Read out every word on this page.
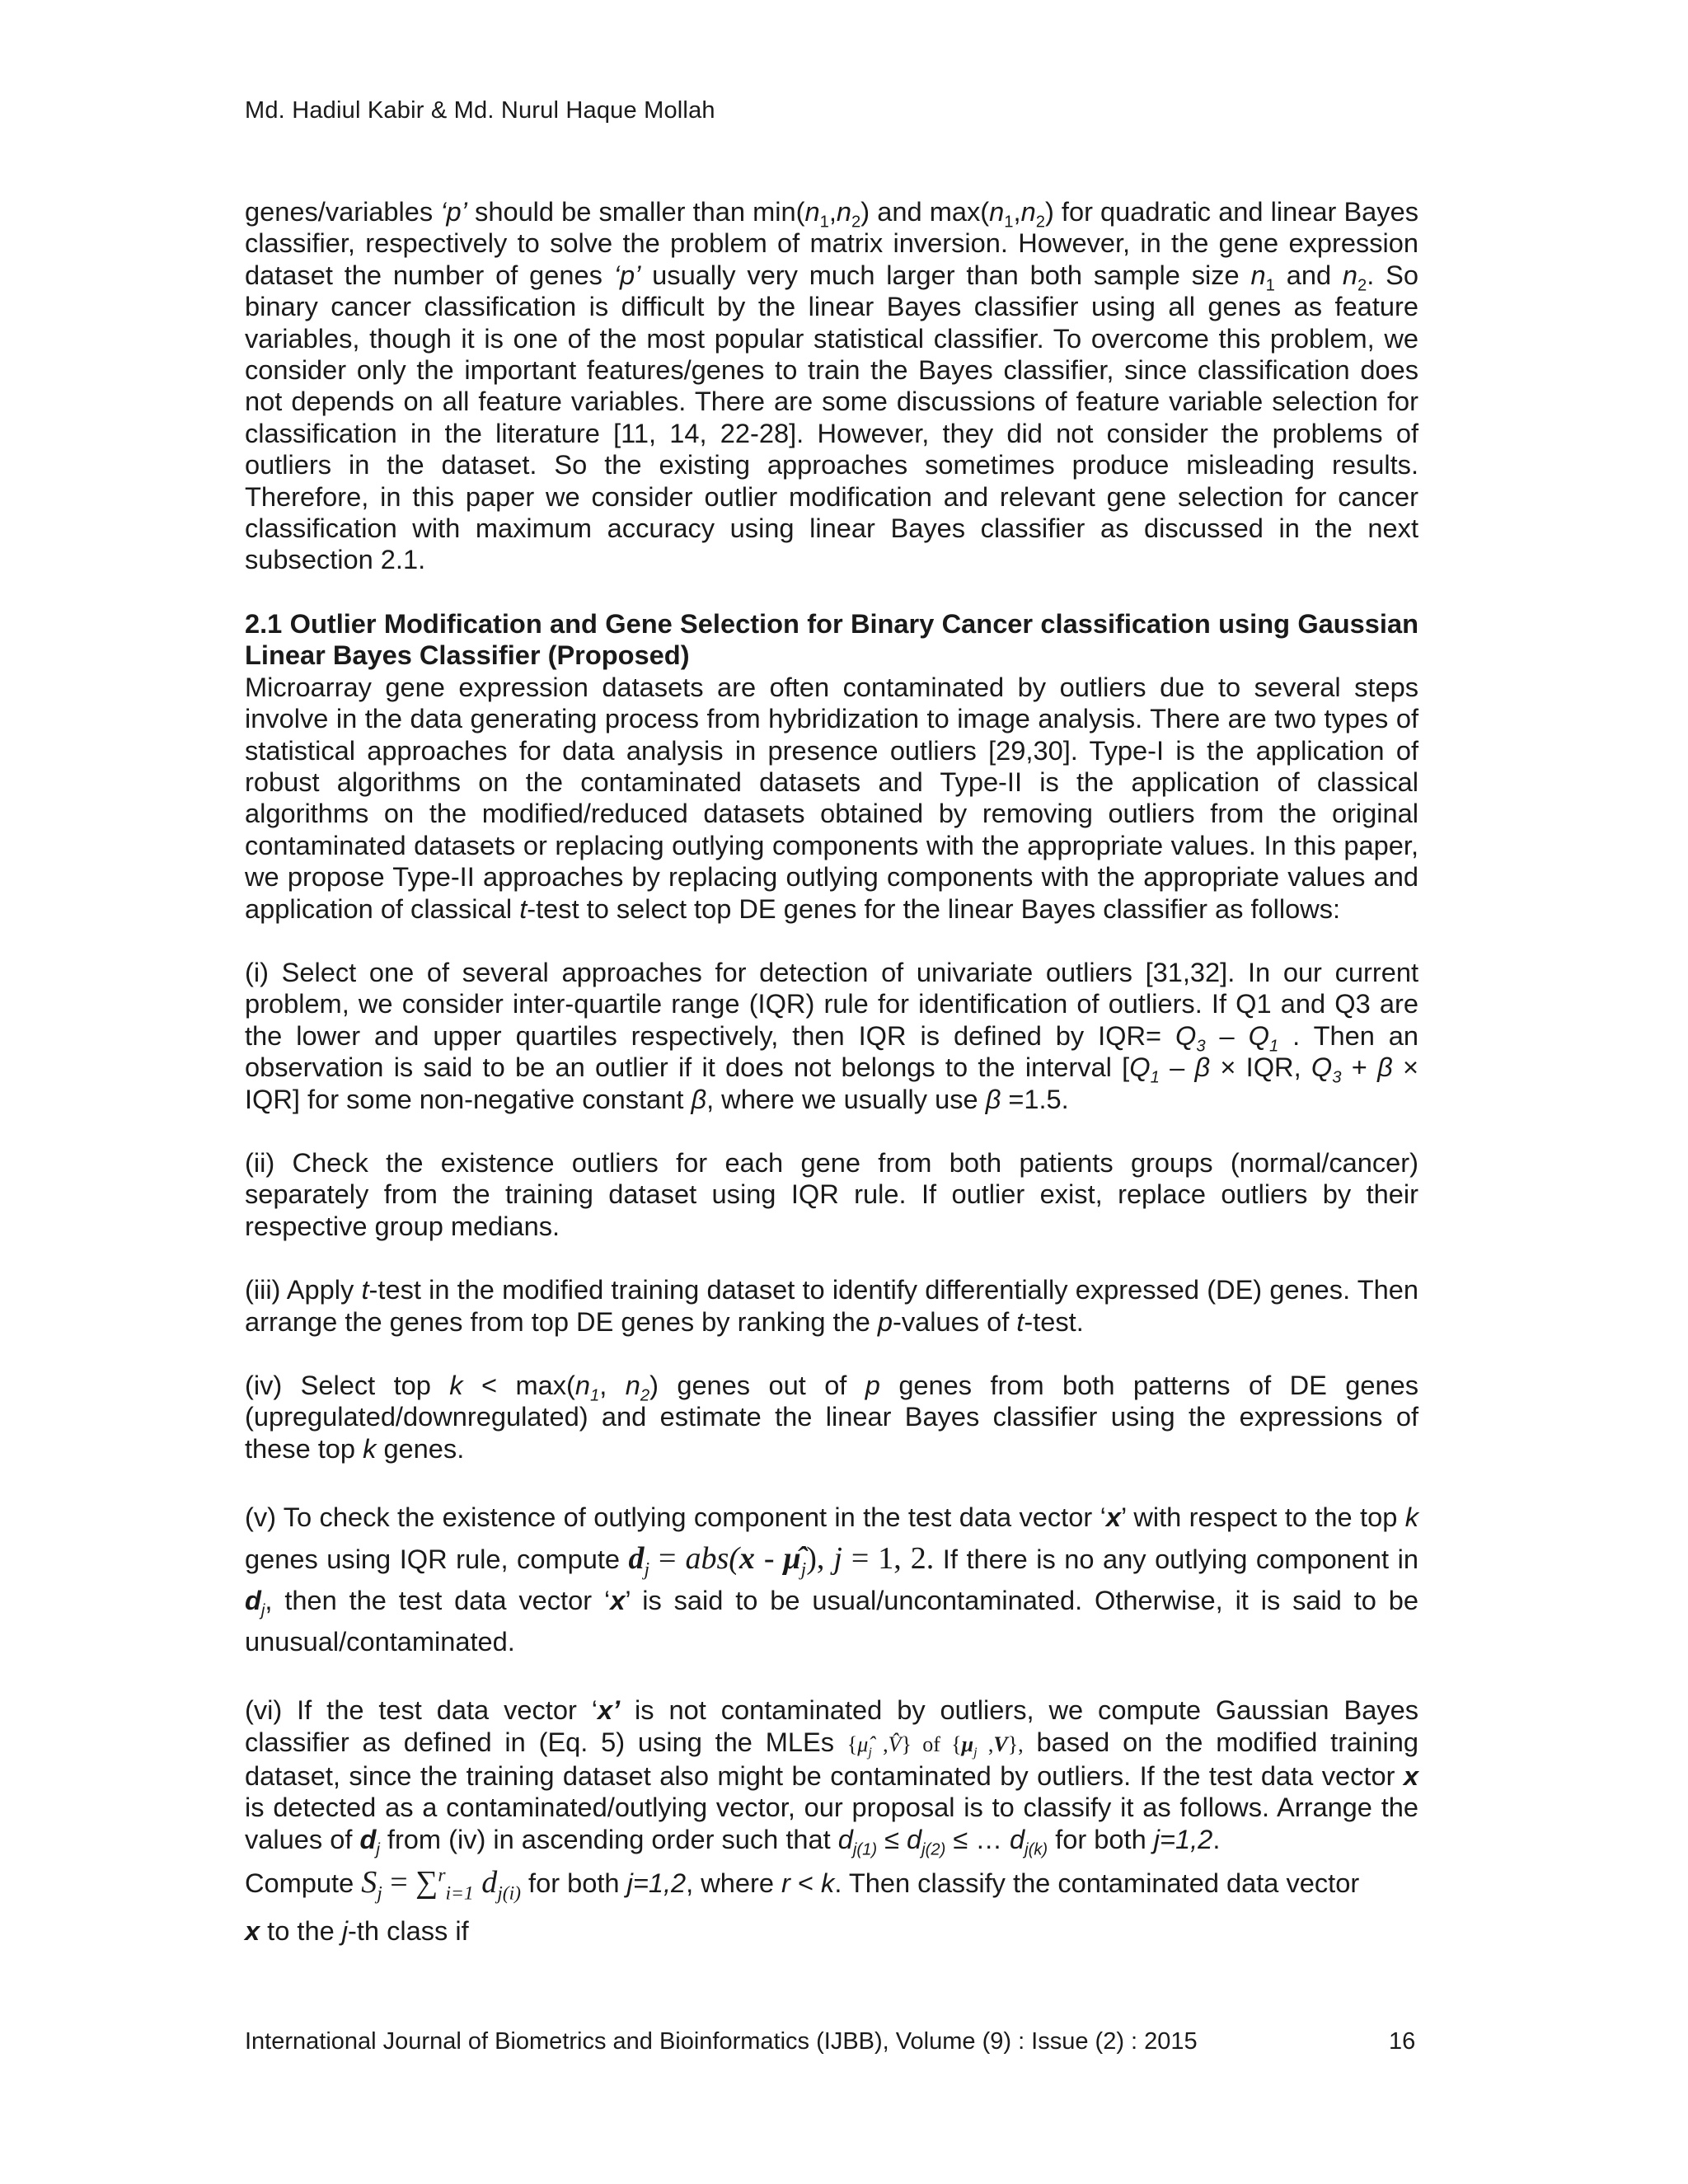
Md. Hadiul Kabir & Md. Nurul Haque Mollah

genes/variables ‘p’ should be smaller than $\min(n_1,n_2)$ and $\max(n_1,n_2)$ for quadratic and linear Bayes classifier, respectively to solve the problem of matrix inversion. However, in the gene expression dataset the number of genes ‘p’ usually very much larger than both sample size $n_1$ and $n_2$. So binary cancer classification is difficult by the linear Bayes classifier using all genes as feature variables, though it is one of the most popular statistical classifier. To overcome this problem, we consider only the important features/genes to train the Bayes classifier, since classification does not depends on all feature variables. There are some discussions of feature variable selection for classification in the literature [11, 14, 22-28]. However, they did not consider the problems of outliers in the dataset. So the existing approaches sometimes produce misleading results. Therefore, in this paper we consider outlier modification and relevant gene selection for cancer classification with maximum accuracy using linear Bayes classifier as discussed in the next subsection 2.1.

2.1 Outlier Modification and Gene Selection for Binary Cancer classification using Gaussian Linear Bayes Classifier (Proposed)

Microarray gene expression datasets are often contaminated by outliers due to several steps involve in the data generating process from hybridization to image analysis. There are two types of statistical approaches for data analysis in presence outliers [29,30]. Type-I is the application of robust algorithms on the contaminated datasets and Type-II is the application of classical algorithms on the modified/reduced datasets obtained by removing outliers from the original contaminated datasets or replacing outlying components with the appropriate values. In this paper, we propose Type-II approaches by replacing outlying components with the appropriate values and application of classical t-test to select top DE genes for the linear Bayes classifier as follows:

(i) Select one of several approaches for detection of univariate outliers [31,32]. In our current problem, we consider inter-quartile range (IQR) rule for identification of outliers. If Q1 and Q3 are the lower and upper quartiles respectively, then IQR is defined by $IQR= Q_3 - Q_1$ . Then an observation is said to be an outlier if it does not belongs to the interval [$Q_1$ – β × IQR, $Q_3 + \beta \times IQR$] for some non-negative constant β, where we usually use β =1.5.

(ii) Check the existence outliers for each gene from both patients groups (normal/cancer) separately from the training dataset using IQR rule. If outlier exist, replace outliers by their respective group medians.

(iii) Apply t-test in the modified training dataset to identify differentially expressed (DE) genes. Then arrange the genes from top DE genes by ranking the p-values of t-test.

(iv) Select top $k < \max(n_1$, $n_2$) genes out of p genes from both patterns of DE genes (upregulated/downregulated) and estimate the linear Bayes classifier using the expressions of these top k genes.

(v) To check the existence of outlying component in the test data vector ‘x’ with respect to the top k genes using IQR rule, compute $d_j = abs(x$ - $\mû_j$), j = 1, 2. If there is no any outlying component in $d_j$, then the test data vector ‘x’ is said to be usual/uncontaminated. Otherwise, it is said to be unusual/contaminated.

(vi) If the test data vector ‘x’ is not contaminated by outliers, we compute Gaussian Bayes classifier as defined in (Eq. 5) using the MLEs {$\mû_j$ ,V̂} of {$\mu_j$ ,V}, based on the modified training dataset, since the training dataset also might be contaminated by outliers. If the test data vector x is detected as a contaminated/outlying vector, our proposal is to classify it as follows. Arrange the values of $d_j$ from (iv) in ascending order such that $d_{j(1)} \le d_{j(2)}$ ≤ … $d_{j(k)}$ for both j=1,2.

Compute $S_j = \sum^r_{i=1}$ $d_{j(i)}$ for both j=1,2, where r < k. Then classify the contaminated data vector
x to the j-th class if

International Journal of Biometrics and Bioinformatics (IJBB), Volume (9) : Issue (2) : 2015	16
